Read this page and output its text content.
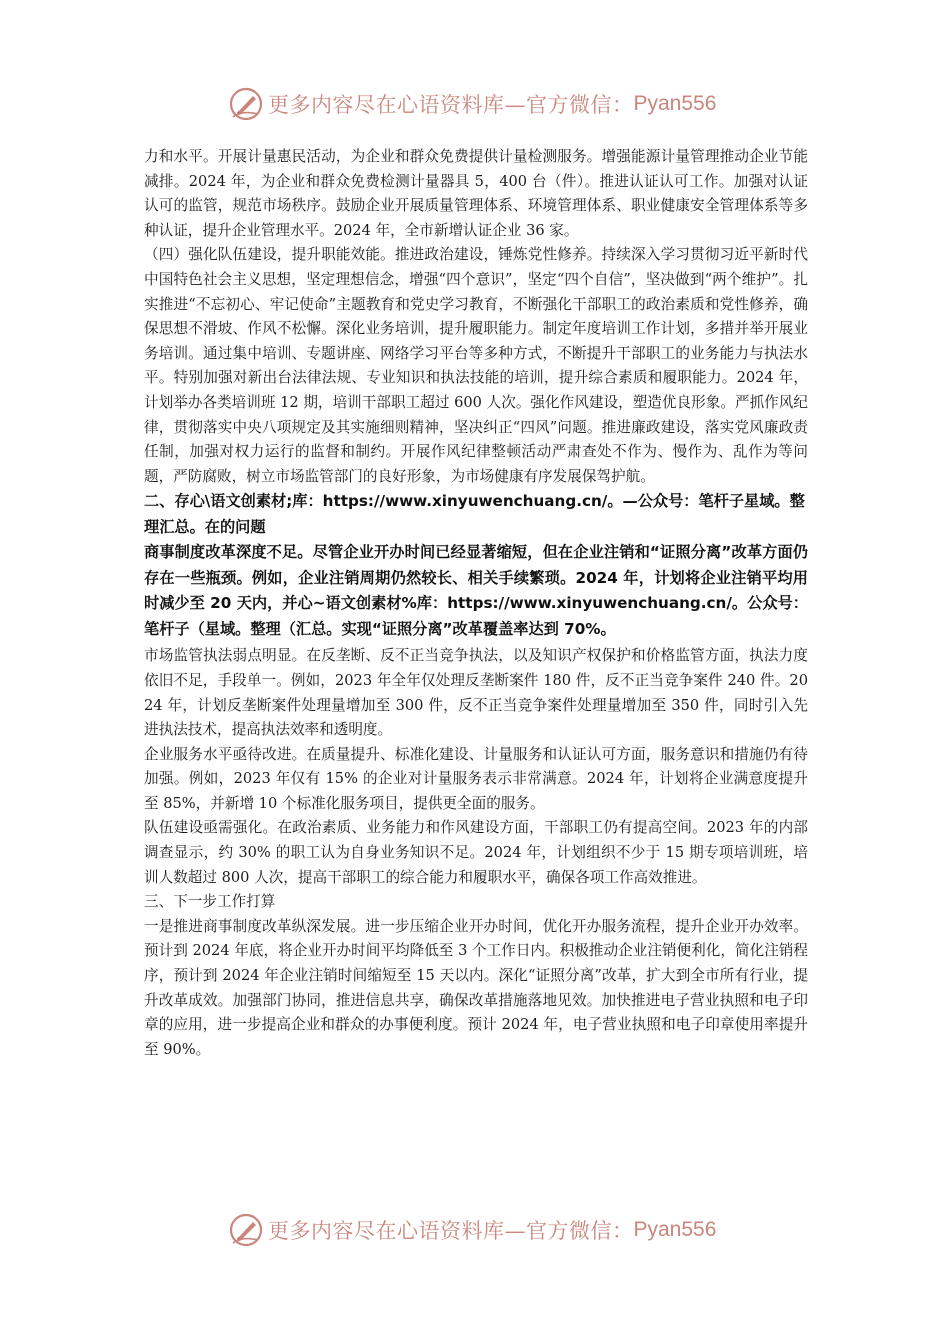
更多内容尽在心语资料库—官方微信： Pyan556

力和水平。开展计量惠民活动，为企业和群众免费提供计量检测服务。增强能源计量管理推动企业节能减排。2024 年，为企业和群众免费检测计量器具 5，400 台（件）。推进认证认可工作。加强对认证认可的监管，规范市场秩序。鼓励企业开展质量管理体系、环境管理体系、职业健康安全管理体系等多种认证，提升企业管理水平。2024 年，全市新增认证企业 36 家。

（四）强化队伍建设，提升职能效能。推进政治建设，锤炼党性修养。持续深入学习贯彻习近平新时代中国特色社会主义思想，坚定理想信念，增强“四个意识”，坚定“四个自信”，坚决做到“两个维护”。扎实推进“不忘初心、牢记使命”主题教育和党史学习教育，不断强化干部职工的政治素质和党性修养，确保思想不滑坡、作风不松懈。深化业务培训，提升履职能力。制定年度培训工作计划，多措并举开展业务培训。通过集中培训、专题讲座、网络学习平台等多种方式，不断提升干部职工的业务能力与执法水平。特别加强对新出台法律法规、专业知识和执法技能的培训，提升综合素质和履职能力。2024 年，计划举办各类培训班 12 期，培训干部职工超过 600 人次。强化作风建设，塑造优良形象。严抓作风纪律，贯彻落实中央八项规定及其实施细则精神，坚决纠正“四风”问题。推进廉政建设，落实党风廉政责任制，加强对权力运行的监督和制约。开展作风纪律整顿活动严肃查处不作为、慢作为、乱作为等问题，严防腐败，树立市场监管部门的良好形象，为市场健康有序发展保驾护航。

二、存心\语文创素材;库：https://www.xinyuwenchuang.cn/。—公众号：笔杆子星域。整理汇总。在的问题

商事制度改革深度不足。尽管企业开办时间已经显著缩短，但在企业注销和“证照分离”改革方面仍存在一些瓶颈。例如，企业注销周期仍然较长、相关手续繁琐。2024 年，计划将企业注销平均用时减少至 20 天内，并心~语文创素材%库：https://www.xinyuwenchuang.cn/。公众号：笔杆子（星域。整理（汇总。实现“证照分离”改革覆盖率达到 70%。

市场监管执法弱点明显。在反垄断、反不正当竞争执法，以及知识产权保护和价格监管方面，执法力度依旧不足，手段单一。例如，2023 年全年仅处理反垄断案件 180 件，反不正当竞争案件 240 件。2024 年，计划反垄断案件处理量增加至 300 件，反不正当竞争案件处理量增加至 350 件，同时引入先进执法技术，提高执法效率和透明度。

企业服务水平亟待改进。在质量提升、标准化建设、计量服务和认证认可方面，服务意识和措施仍有待加强。例如，2023 年仅有 15% 的企业对计量服务表示非常满意。2024 年，计划将企业满意度提升至 85%，并新增 10 个标准化服务项目，提供更全面的服务。

队伍建设亟需强化。在政治素质、业务能力和作风建设方面，干部职工仍有提高空间。2023 年的内部调查显示，约 30% 的职工认为自身业务知识不足。2024 年，计划组织不少于 15 期专项培训班，培训人数超过 800 人次，提高干部职工的综合能力和履职水平，确保各项工作高效推进。

三、下一步工作打算

一是推进商事制度改革纵深发展。进一步压缩企业开办时间，优化开办服务流程，提升企业开办效率。预计到 2024 年底，将企业开办时间平均降低至 3 个工作日内。积极推动企业注销便利化，简化注销程序，预计到 2024 年企业注销时间缩短至 15 天以内。深化“证照分离”改革，扩大到全市所有行业，提升改革成效。加强部门协同，推进信息共享，确保改革措施落地见效。加快推进电子营业执照和电子印章的应用，进一步提高企业和群众的办事便利度。预计 2024 年，电子营业执照和电子印章使用率提升至 90%。

更多内容尽在心语资料库—官方微信： Pyan556
